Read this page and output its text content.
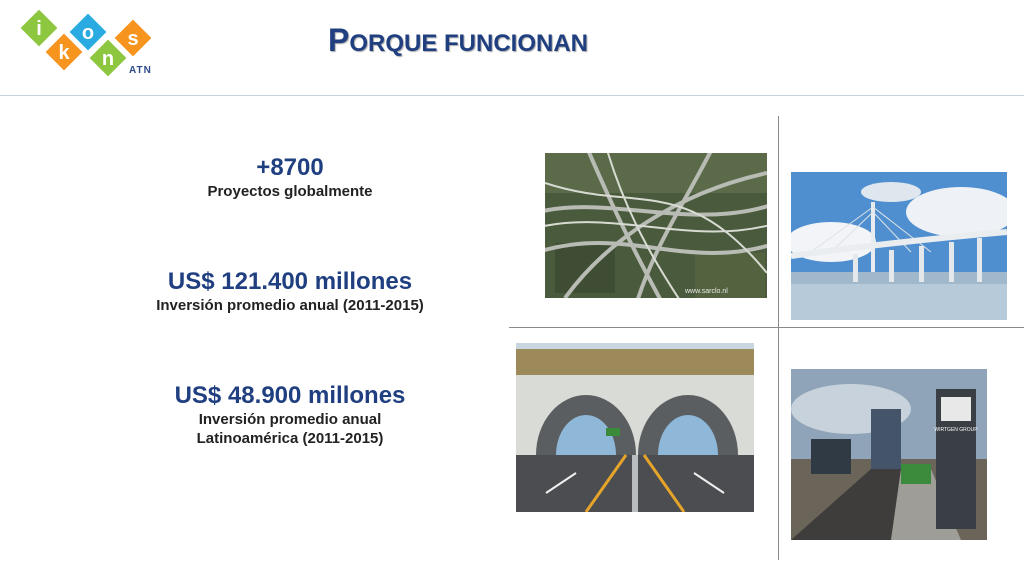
i
k
o
n
s
ATN
PORQUE FUNCIONAN
+8700
Proyectos globalmente
US$ 121.400 millones
Inversión promedio anual (2011-2015)
US$ 48.900 millones
Inversión promedio anual
Latinoamérica (2011-2015)
www.sarclo.nl
WIRTGEN GROUP
